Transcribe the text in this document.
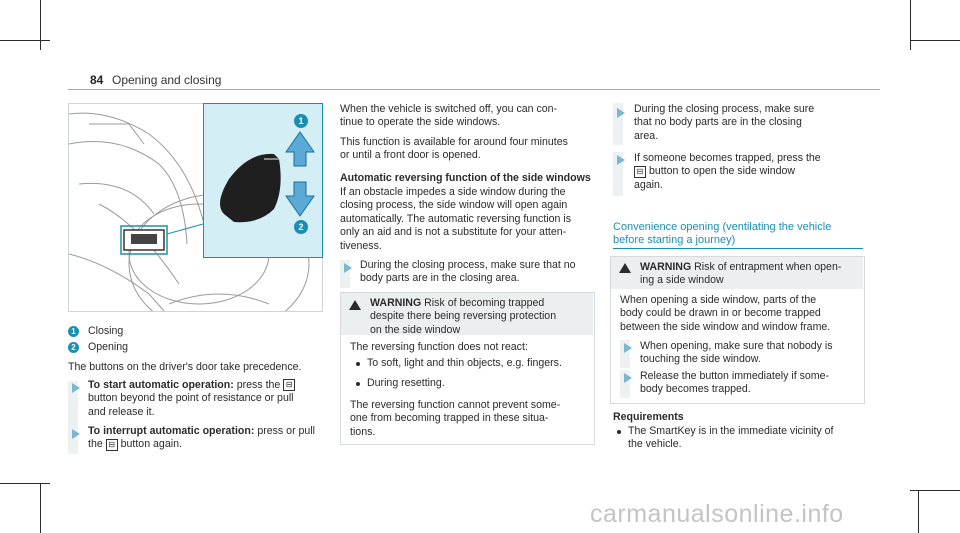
84 Opening and closing
1
2
1 Closing
2 Opening
The buttons on the driver's door take precedence.
To start automatic operation: press the ⊟
button beyond the point of resistance or pull
and release it.
To interrupt automatic operation: press or pull
the ⊟ button again.
When the vehicle is switched off, you can con-
tinue to operate the side windows.
This function is available for around four minutes
or until a front door is opened.
Automatic reversing function of the side windows
If an obstacle impedes a side window during the
closing process, the side window will open again
automatically. The automatic reversing function is
only an aid and is not a substitute for your atten-
tiveness.
During the closing process, make sure that no
body parts are in the closing area.
WARNING Risk of becoming trapped
despite there being reversing protection
on the side window
The reversing function does not react:
To soft, light and thin objects, e.g. fingers.
During resetting.
The reversing function cannot prevent some-
one from becoming trapped in these situa-
tions.
During the closing process, make sure
that no body parts are in the closing
area.
If someone becomes trapped, press the
⊟ button to open the side window
again.
Convenience opening (ventilating the vehicle
before starting a journey)
WARNING Risk of entrapment when open-
ing a side window
When opening a side window, parts of the
body could be drawn in or become trapped
between the side window and window frame.
When opening, make sure that nobody is
touching the side window.
Release the button immediately if some-
body becomes trapped.
Requirements
The SmartKey is in the immediate vicinity of
the vehicle.
carmanualsonline.info
